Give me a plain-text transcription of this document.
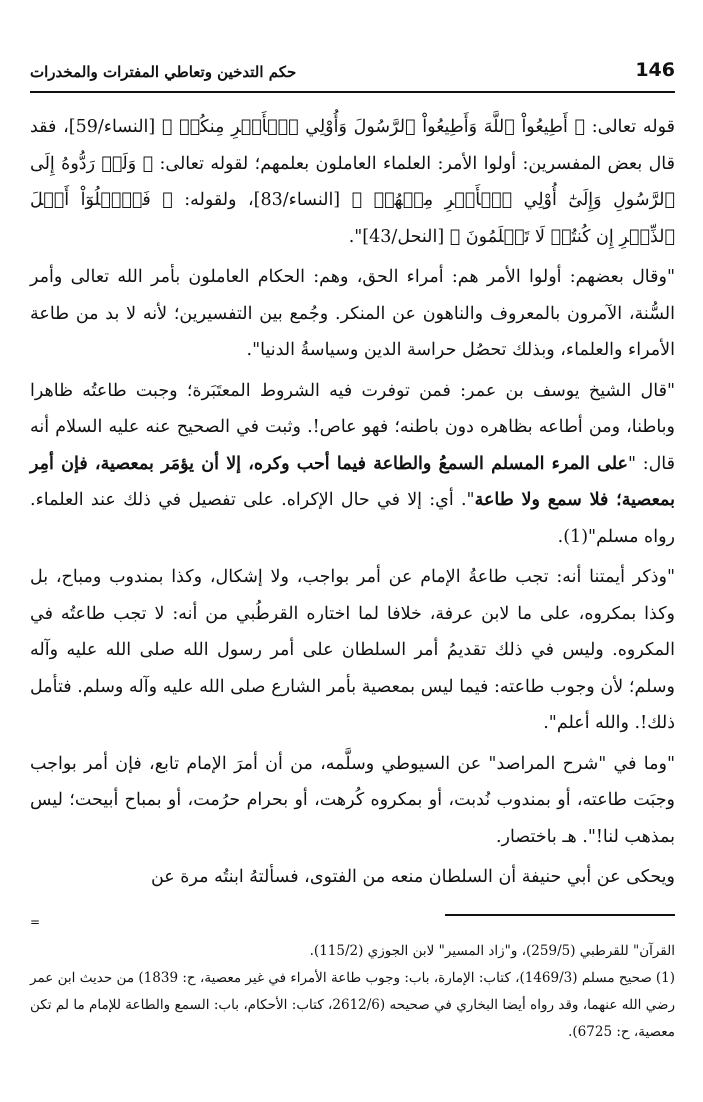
146
حكم التدخين وتعاطي المفترات والمخدرات

قوله تعالى: ﴿ أَطِيعُواْ ٱللَّهَ وَأَطِيعُواْ ٱلرَّسُولَ وَأُوْلِي ٱلۡأَمۡرِ مِنكُمۡ ﴾ [النساء/59]، فقد قال بعض المفسرين: أولوا الأمر: العلماء العاملون بعلمهم؛ لقوله تعالى: ﴿ وَلَوۡ رَدُّوهُ إِلَى ٱلرَّسُولِ وَإِلَىٰٓ أُوْلِي ٱلۡأَمۡرِ مِنۡهُمۡ ﴾ [النساء/83]، ولقوله: ﴿ فَسۡ‍َٔلُوٓاْ أَهۡلَ ٱلذِّكۡرِ إِن كُنتُمۡ لَا تَعۡلَمُونَ ﴾ [النحل/43]".

"وقال بعضهم: أولوا الأمر هم: أمراء الحق، وهم: الحكام العاملون بأمر الله تعالى وأمر السُّنة، الآمرون بالمعروف والناهون عن المنكر. وجُمع بين التفسيرين؛ لأنه لا بد من طاعة الأمراء والعلماء، وبذلك تحصُل حراسة الدين وسياسةُ الدنيا".

"قال الشيخ يوسف بن عمر: فمن توفرت فيه الشروط المعتَبَرة؛ وجبت طاعتُه ظاهرا وباطنا، ومن أطاعه بظاهره دون باطنه؛ فهو عاص!. وثبت في الصحيح عنه عليه السلام أنه قال: "على المرء المسلم السمعُ والطاعة فيما أحب وكره، إلا أن يؤمَر بمعصية، فإن أمِر بمعصية؛ فلا سمع ولا طاعة". أي: إلا في حال الإكراه. على تفصيل في ذلك عند العلماء. رواه مسلم"(1).

"وذكر أيمتنا أنه: تجب طاعةُ الإمام عن أمر بواجب، ولا إشكال، وكذا بمندوب ومباح، بل وكذا بمكروه، على ما لابن عرفة، خلافا لما اختاره القرطُبي من أنه: لا تجب طاعتُه في المكروه. وليس في ذلك تقديمُ أمر السلطان على أمر رسول الله صلى الله عليه وآله وسلم؛ لأن وجوب طاعته: فيما ليس بمعصية بأمر الشارع صلى الله عليه وآله وسلم. فتأمل ذلك!. والله أعلم".

"وما في "شرح المراصد" عن السيوطي وسلَّمه، من أن أمرَ الإمام تابع، فإن أمر بواجب وجبَت طاعته، أو بمندوب نُدبت، أو بمكروه كُرهت، أو بحرام حرُمت، أو بمباح أبيحت؛ ليس بمذهب لنا!". هـ باختصار.

ويحكى عن أبي حنيفة أن السلطان منعه من الفتوى، فسألتهُ ابنتُه مرة عن

=

القرآن" للقرطبي (259/5)، و"زاد المسير" لابن الجوزي (115/2).

(1)صحيح مسلم (1469/3)، كتاب: الإمارة، باب: وجوب طاعة الأمراء في غير معصية، ح: 1839) من حديث ابن عمر رضي الله عنهما، وقد رواه أيضا البخاري في صحيحه (2612/6، كتاب: الأحكام، باب: السمع والطاعة للإمام ما لم تكن معصية، ح: 6725).
